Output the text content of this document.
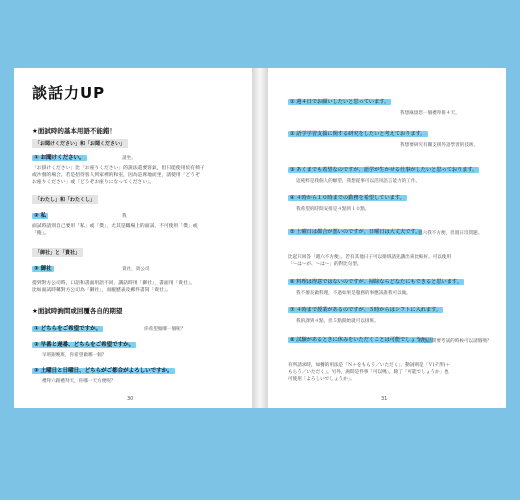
談話力UP
★面試時的基本用語不能錯！
「お聞けください」和「お聞ください」
① お聞けください。	請坐。
「お掛けください」比「お座りください」的說法還要客氣，但只能使用於有椅子
或沙發的場合。若是招待客人到家裡的和室，因為是席地而坐，請使用「どうぞ
お座りください」或「どうぞお座りになってください」。
「わたし」和「わたくし」
② 私	我
面試時請別自己要用「私」或「僕」，尤其是職場上的面試，不可使用「僕」或
「俺」。
「御社」と「貴社」
③ 御社	貴社，貴公司
提到對方公司時，口語和書面用語不同，講話時用「御社」，書面用「貴社」。
比如面試時稱對方公司為「御社」，而履歷表及郵件書寫「貴社」。
★面試時詢問或回覆各自的期望
① どちらをご希望ですか。	你希望做哪一個呢？
② 早番と遅番、どちらをご希望ですか。
早班跟晚班，你希望做哪一個？
③ 土曜日と日曜日、どちらがご都合がよろしいですか。
禮拜六跟禮拜天，你哪一天方便呢？
30
① 週４日でお願いしたいと思っています。
我想麻煩您一個禮拜排４天。
② 語学学習支援に関する研究をしたいと考えております。
我想要研究有關支援外語學習的技術。
③ あくまでも希望なのですが、語学が生かせる仕事がしたいと思っております。
這純粹是我個人的願望，我想從事可以活用語言能力的工作。
④ ４時から１０時までの勤務を希望しています。
我希望的時間安排是４點到１０點。
⑤ 土曜日は都合が悪いのですが、日曜日は大丈夫です。
週六我不方便，但週日沒問題。
比起只回答「週六不方便」，若有其他日子可以排班請先講出來比較好。可以使用
「〜は〜が、〜は〜」的對比句型。
⑥ 料理は得意ではないのですが、掃除ならどなたにもできると思います。
我不擅長做料理，不過如果是服務的事應該誰我可以做。
⑦ ４時まで授業があるのですが、５時からはシフトに入れます。
我的課到４點，但５點開始就可以排班。
⑧ 試験があるときに休みをいただくことは可能でしょうか。
我想請問要考試的時候可以請假嗎？
有所請求時，如餐的用法是「Ｎ＋をもらう／いただく」、動詞則是「Ｖ(テ形)＋
もらう／いただく」。另外，詢問是件事「可以嗎」，除了「可能でしょうか」也
可使用「よろしいでしょうか」。
31
